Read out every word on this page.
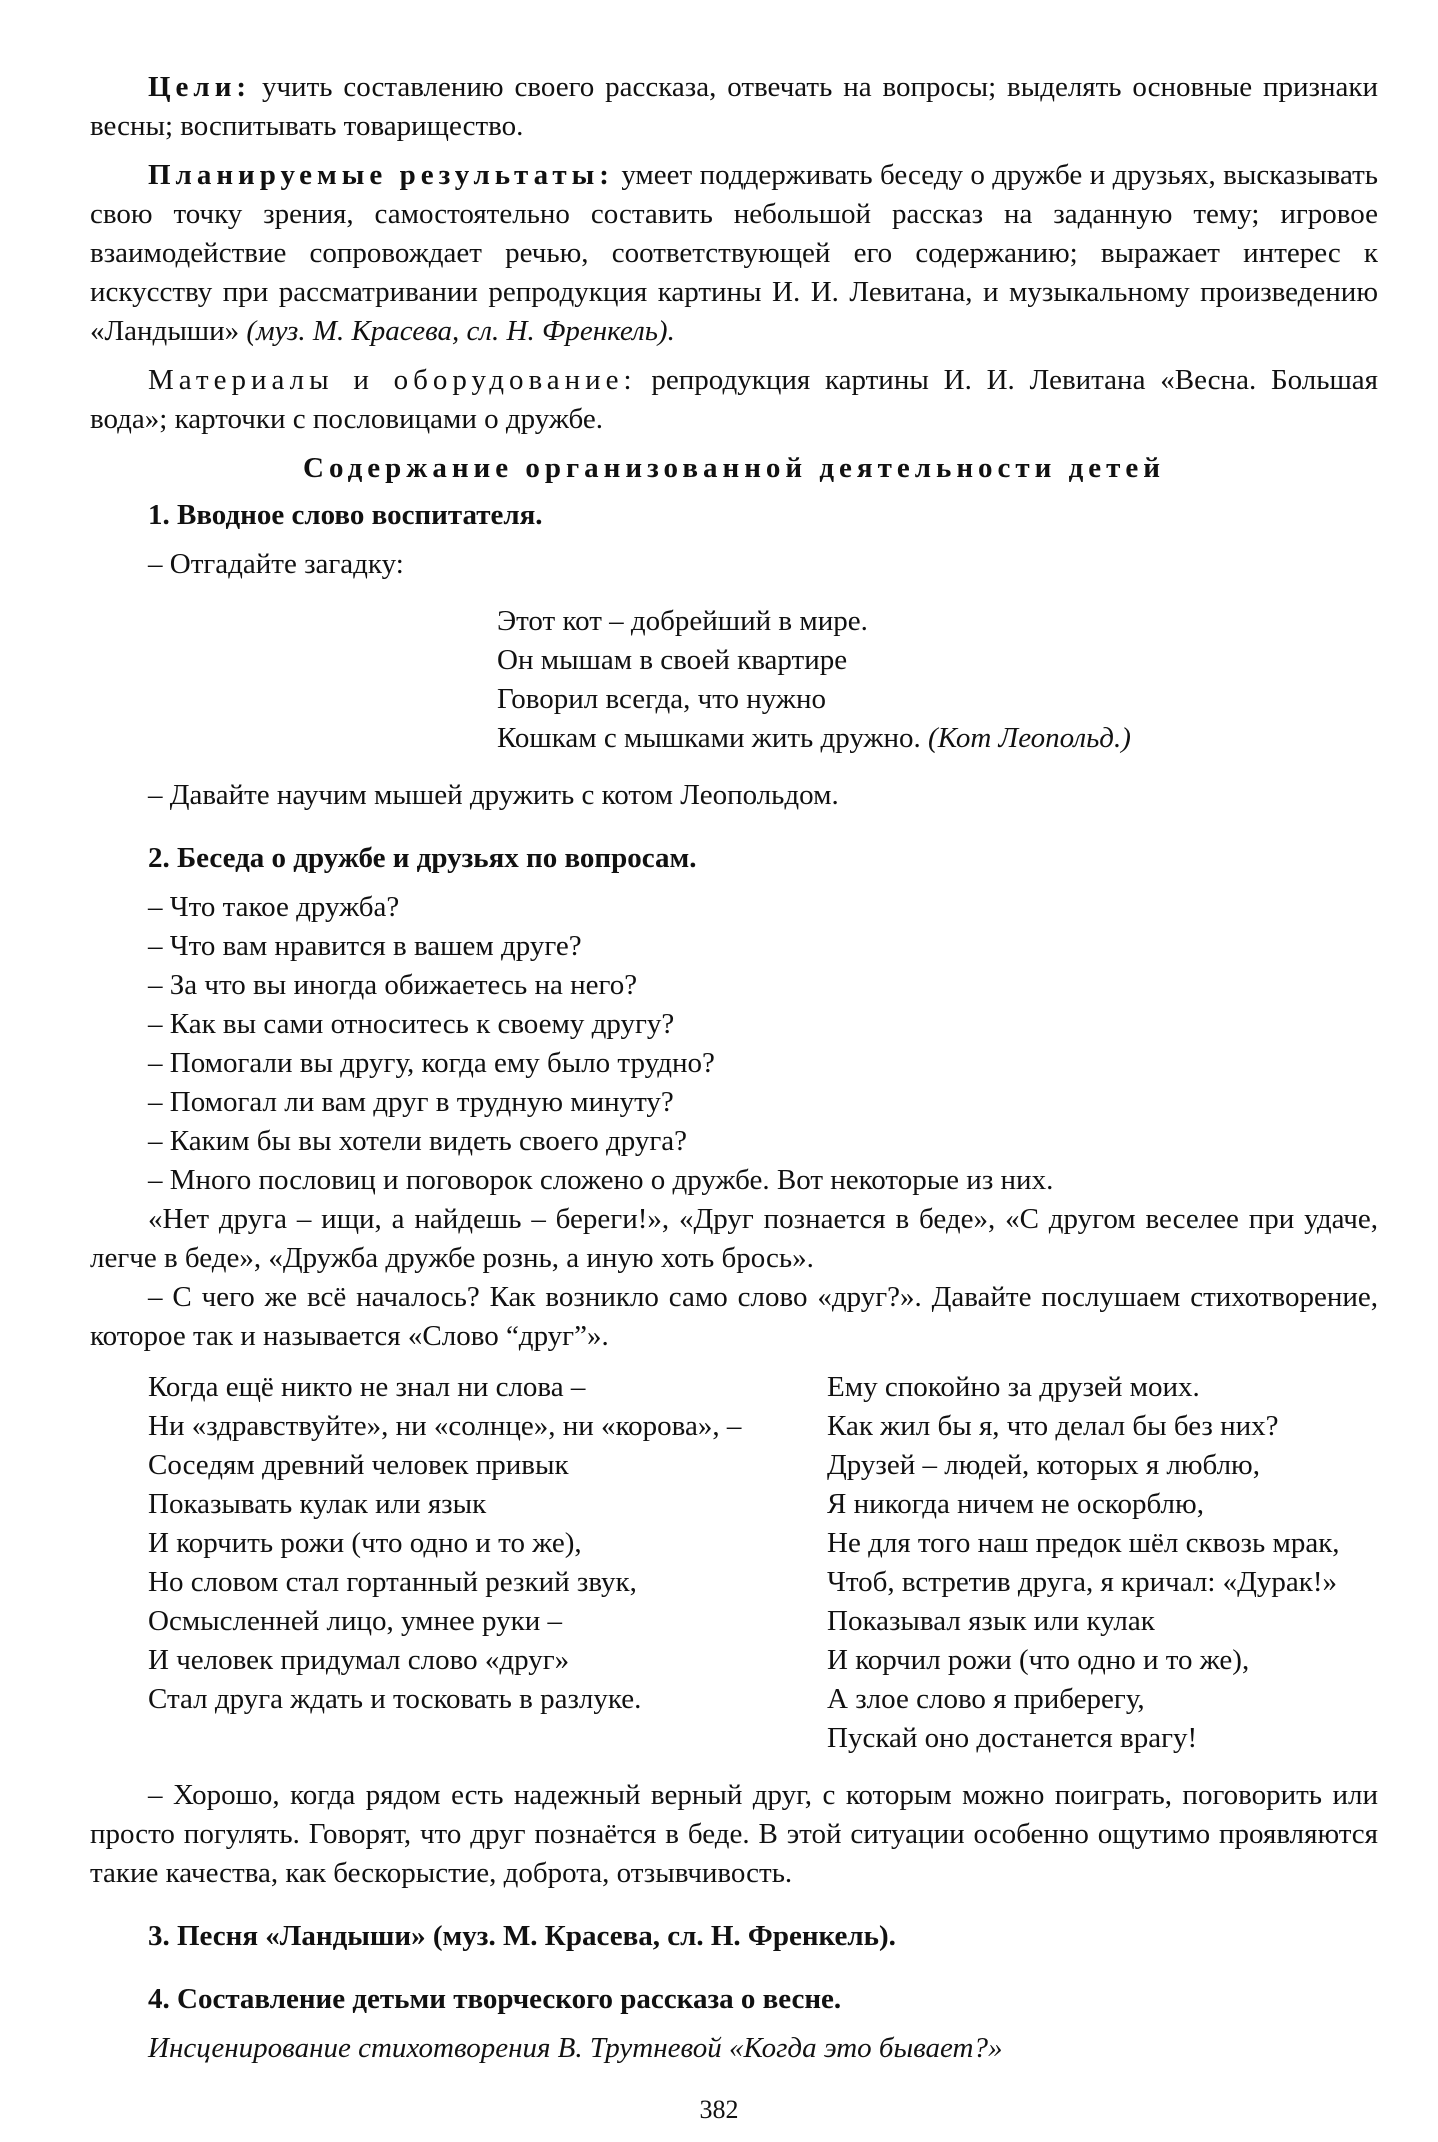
Цели: учить составлению своего рассказа, отвечать на вопросы; выделять основные признаки весны; воспитывать товарищество.

Планируемые результаты: умеет поддерживать беседу о дружбе и друзьях, высказывать свою точку зрения, самостоятельно составить небольшой рассказ на заданную тему; игровое взаимодействие сопровождает речью, соответствующей его содержанию; выражает интерес к искусству при рассматривании репродукция картины И. И. Левитана, и музыкальному произведению «Ландыши» (муз. М. Красева, сл. Н. Френкель).

Материалы и оборудование: репродукция картины И. И. Левитана «Весна. Большая вода»; карточки с пословицами о дружбе.

Содержание организованной деятельности детей

1. Вводное слово воспитателя.

– Отгадайте загадку:

Этот кот – добрейший в мире.

Он мышам в своей квартире

Говорил всегда, что нужно

Кошкам с мышками жить дружно. (Кот Леопольд.)

– Давайте научим мышей дружить с котом Леопольдом.

2. Беседа о дружбе и друзьях по вопросам.

– Что такое дружба?

– Что вам нравится в вашем друге?

– За что вы иногда обижаетесь на него?

– Как вы сами относитесь к своему другу?

– Помогали вы другу, когда ему было трудно?

– Помогал ли вам друг в трудную минуту?

– Каким бы вы хотели видеть своего друга?

– Много пословиц и поговорок сложено о дружбе. Вот некоторые из них.

«Нет друга – ищи, а найдешь – береги!», «Друг познается в беде», «С другом веселее при удаче, легче в беде», «Дружба дружбе рознь, а иную хоть брось».

– С чего же всё началось? Как возникло само слово «друг?». Давайте послушаем стихотворение, которое так и называется «Слово “друг”».

Когда ещё никто не знал ни слова –

Ни «здравствуйте», ни «солнце», ни «корова», –

Соседям древний человек привык

Показывать кулак или язык

И корчить рожи (что одно и то же),

Но словом стал гортанный резкий звук,

Осмысленней лицо, умнее руки –

И человек придумал слово «друг»

Стал друга ждать и тосковать в разлуке.

Ему спокойно за друзей моих.

Как жил бы я, что делал бы без них?

Друзей – людей, которых я люблю,

Я никогда ничем не оскорблю,

Не для того наш предок шёл сквозь мрак,

Чтоб, встретив друга, я кричал: «Дурак!»

Показывал язык или кулак

И корчил рожи (что одно и то же),

А злое слово я приберегу,

Пускай оно достанется врагу!

– Хорошо, когда рядом есть надежный верный друг, с которым можно поиграть, поговорить или просто погулять. Говорят, что друг познаётся в беде. В этой ситуации особенно ощутимо проявляются такие качества, как бескорыстие, доброта, отзывчивость.

3. Песня «Ландыши» (муз. М. Красева, сл. Н. Френкель).

4. Составление детьми творческого рассказа о весне.

Инсценирование стихотворения В. Трутневой «Когда это бывает?»

382
